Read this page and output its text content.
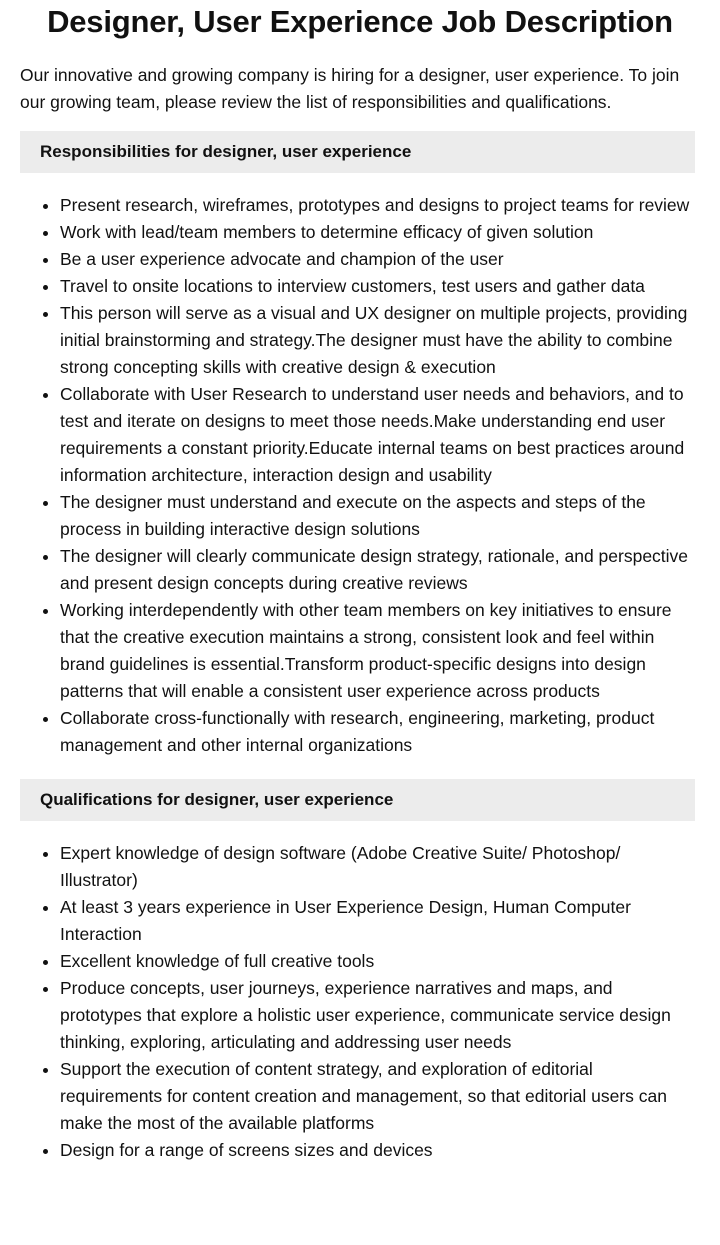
Designer, User Experience Job Description

Our innovative and growing company is hiring for a designer, user experience. To join our growing team, please review the list of responsibilities and qualifications.

Responsibilities for designer, user experience
• Present research, wireframes, prototypes and designs to project teams for review
• Work with lead/team members to determine efficacy of given solution
• Be a user experience advocate and champion of the user
• Travel to onsite locations to interview customers, test users and gather data
• This person will serve as a visual and UX designer on multiple projects, providing initial brainstorming and strategy.The designer must have the ability to combine strong concepting skills with creative design & execution
• Collaborate with User Research to understand user needs and behaviors, and to test and iterate on designs to meet those needs.Make understanding end user requirements a constant priority.Educate internal teams on best practices around information architecture, interaction design and usability
• The designer must understand and execute on the aspects and steps of the process in building interactive design solutions
• The designer will clearly communicate design strategy, rationale, and perspective and present design concepts during creative reviews
• Working interdependently with other team members on key initiatives to ensure that the creative execution maintains a strong, consistent look and feel within brand guidelines is essential.Transform product-specific designs into design patterns that will enable a consistent user experience across products
• Collaborate cross-functionally with research, engineering, marketing, product management and other internal organizations
Qualifications for designer, user experience
• Expert knowledge of design software (Adobe Creative Suite/ Photoshop/ Illustrator)
• At least 3 years experience in User Experience Design, Human Computer Interaction
• Excellent knowledge of full creative tools
• Produce concepts, user journeys, experience narratives and maps, and prototypes that explore a holistic user experience, communicate service design thinking, exploring, articulating and addressing user needs
• Support the execution of content strategy, and exploration of editorial requirements for content creation and management, so that editorial users can make the most of the available platforms
• Design for a range of screens sizes and devices
